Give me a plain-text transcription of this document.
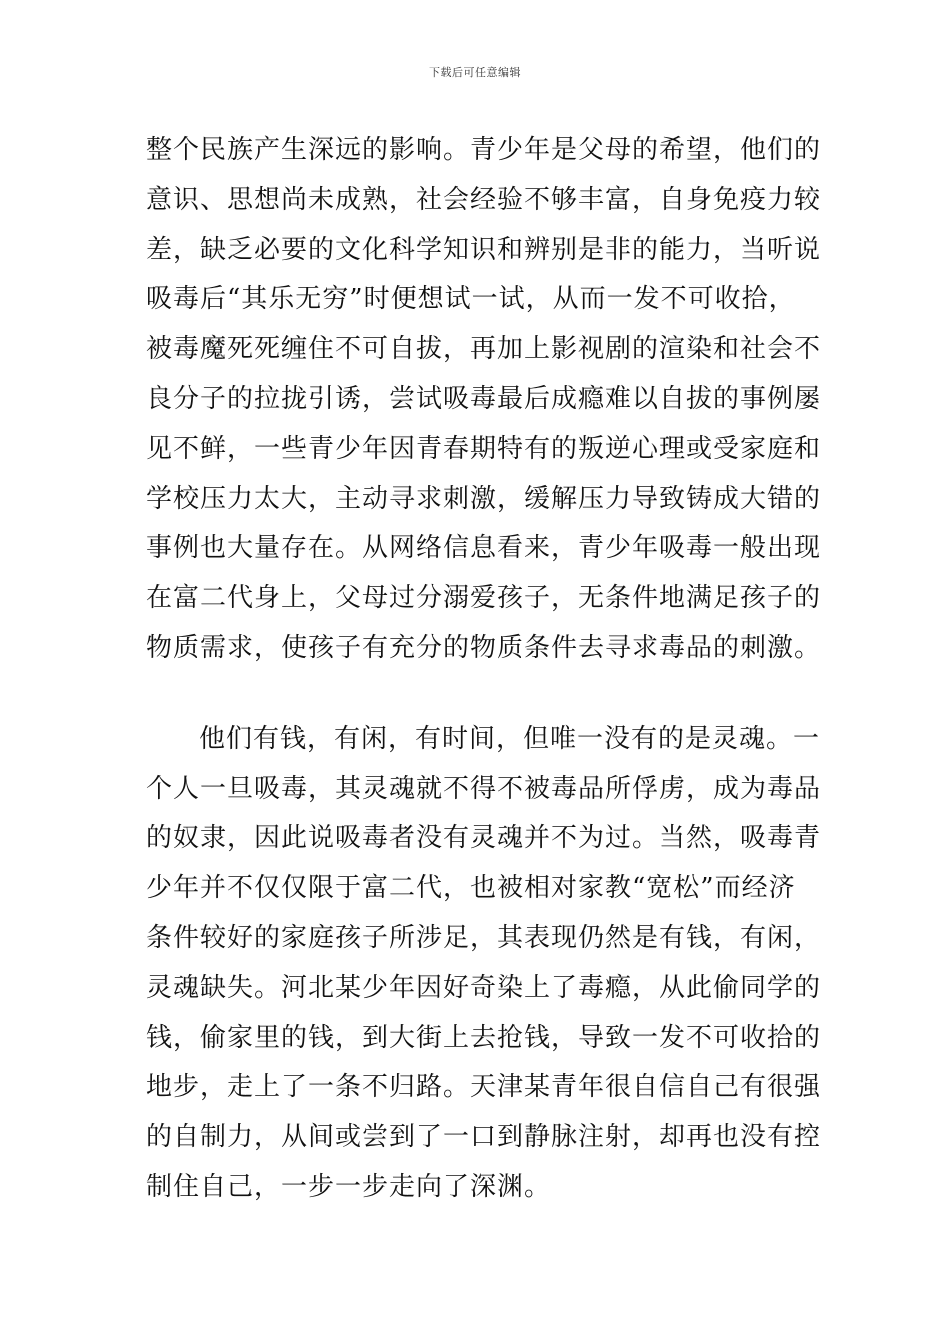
下载后可任意编辑
整个民族产生深远的影响。青少年是父母的希望，他们的
意识、思想尚未成熟，社会经验不够丰富，自身免疫力较
差，缺乏必要的文化科学知识和辨别是非的能力，当听说
吸毒后“其乐无穷”时便想试一试，从而一发不可收拾，
被毒魔死死缠住不可自拔，再加上影视剧的渲染和社会不
良分子的拉拢引诱，尝试吸毒最后成瘾难以自拔的事例屡
见不鲜，一些青少年因青春期特有的叛逆心理或受家庭和
学校压力太大，主动寻求刺激，缓解压力导致铸成大错的
事例也大量存在。从网络信息看来，青少年吸毒一般出现
在富二代身上，父母过分溺爱孩子，无条件地满足孩子的
物质需求，使孩子有充分的物质条件去寻求毒品的刺激。
他们有钱，有闲，有时间，但唯一没有的是灵魂。一
个人一旦吸毒，其灵魂就不得不被毒品所俘虏，成为毒品
的奴隶，因此说吸毒者没有灵魂并不为过。当然，吸毒青
少年并不仅仅限于富二代，也被相对家教“宽松”而经济
条件较好的家庭孩子所涉足，其表现仍然是有钱，有闲，
灵魂缺失。河北某少年因好奇染上了毒瘾，从此偷同学的
钱，偷家里的钱，到大街上去抢钱，导致一发不可收拾的
地步，走上了一条不归路。天津某青年很自信自己有很强
的自制力，从间或尝到了一口到静脉注射，却再也没有控
制住自己，一步一步走向了深渊。
